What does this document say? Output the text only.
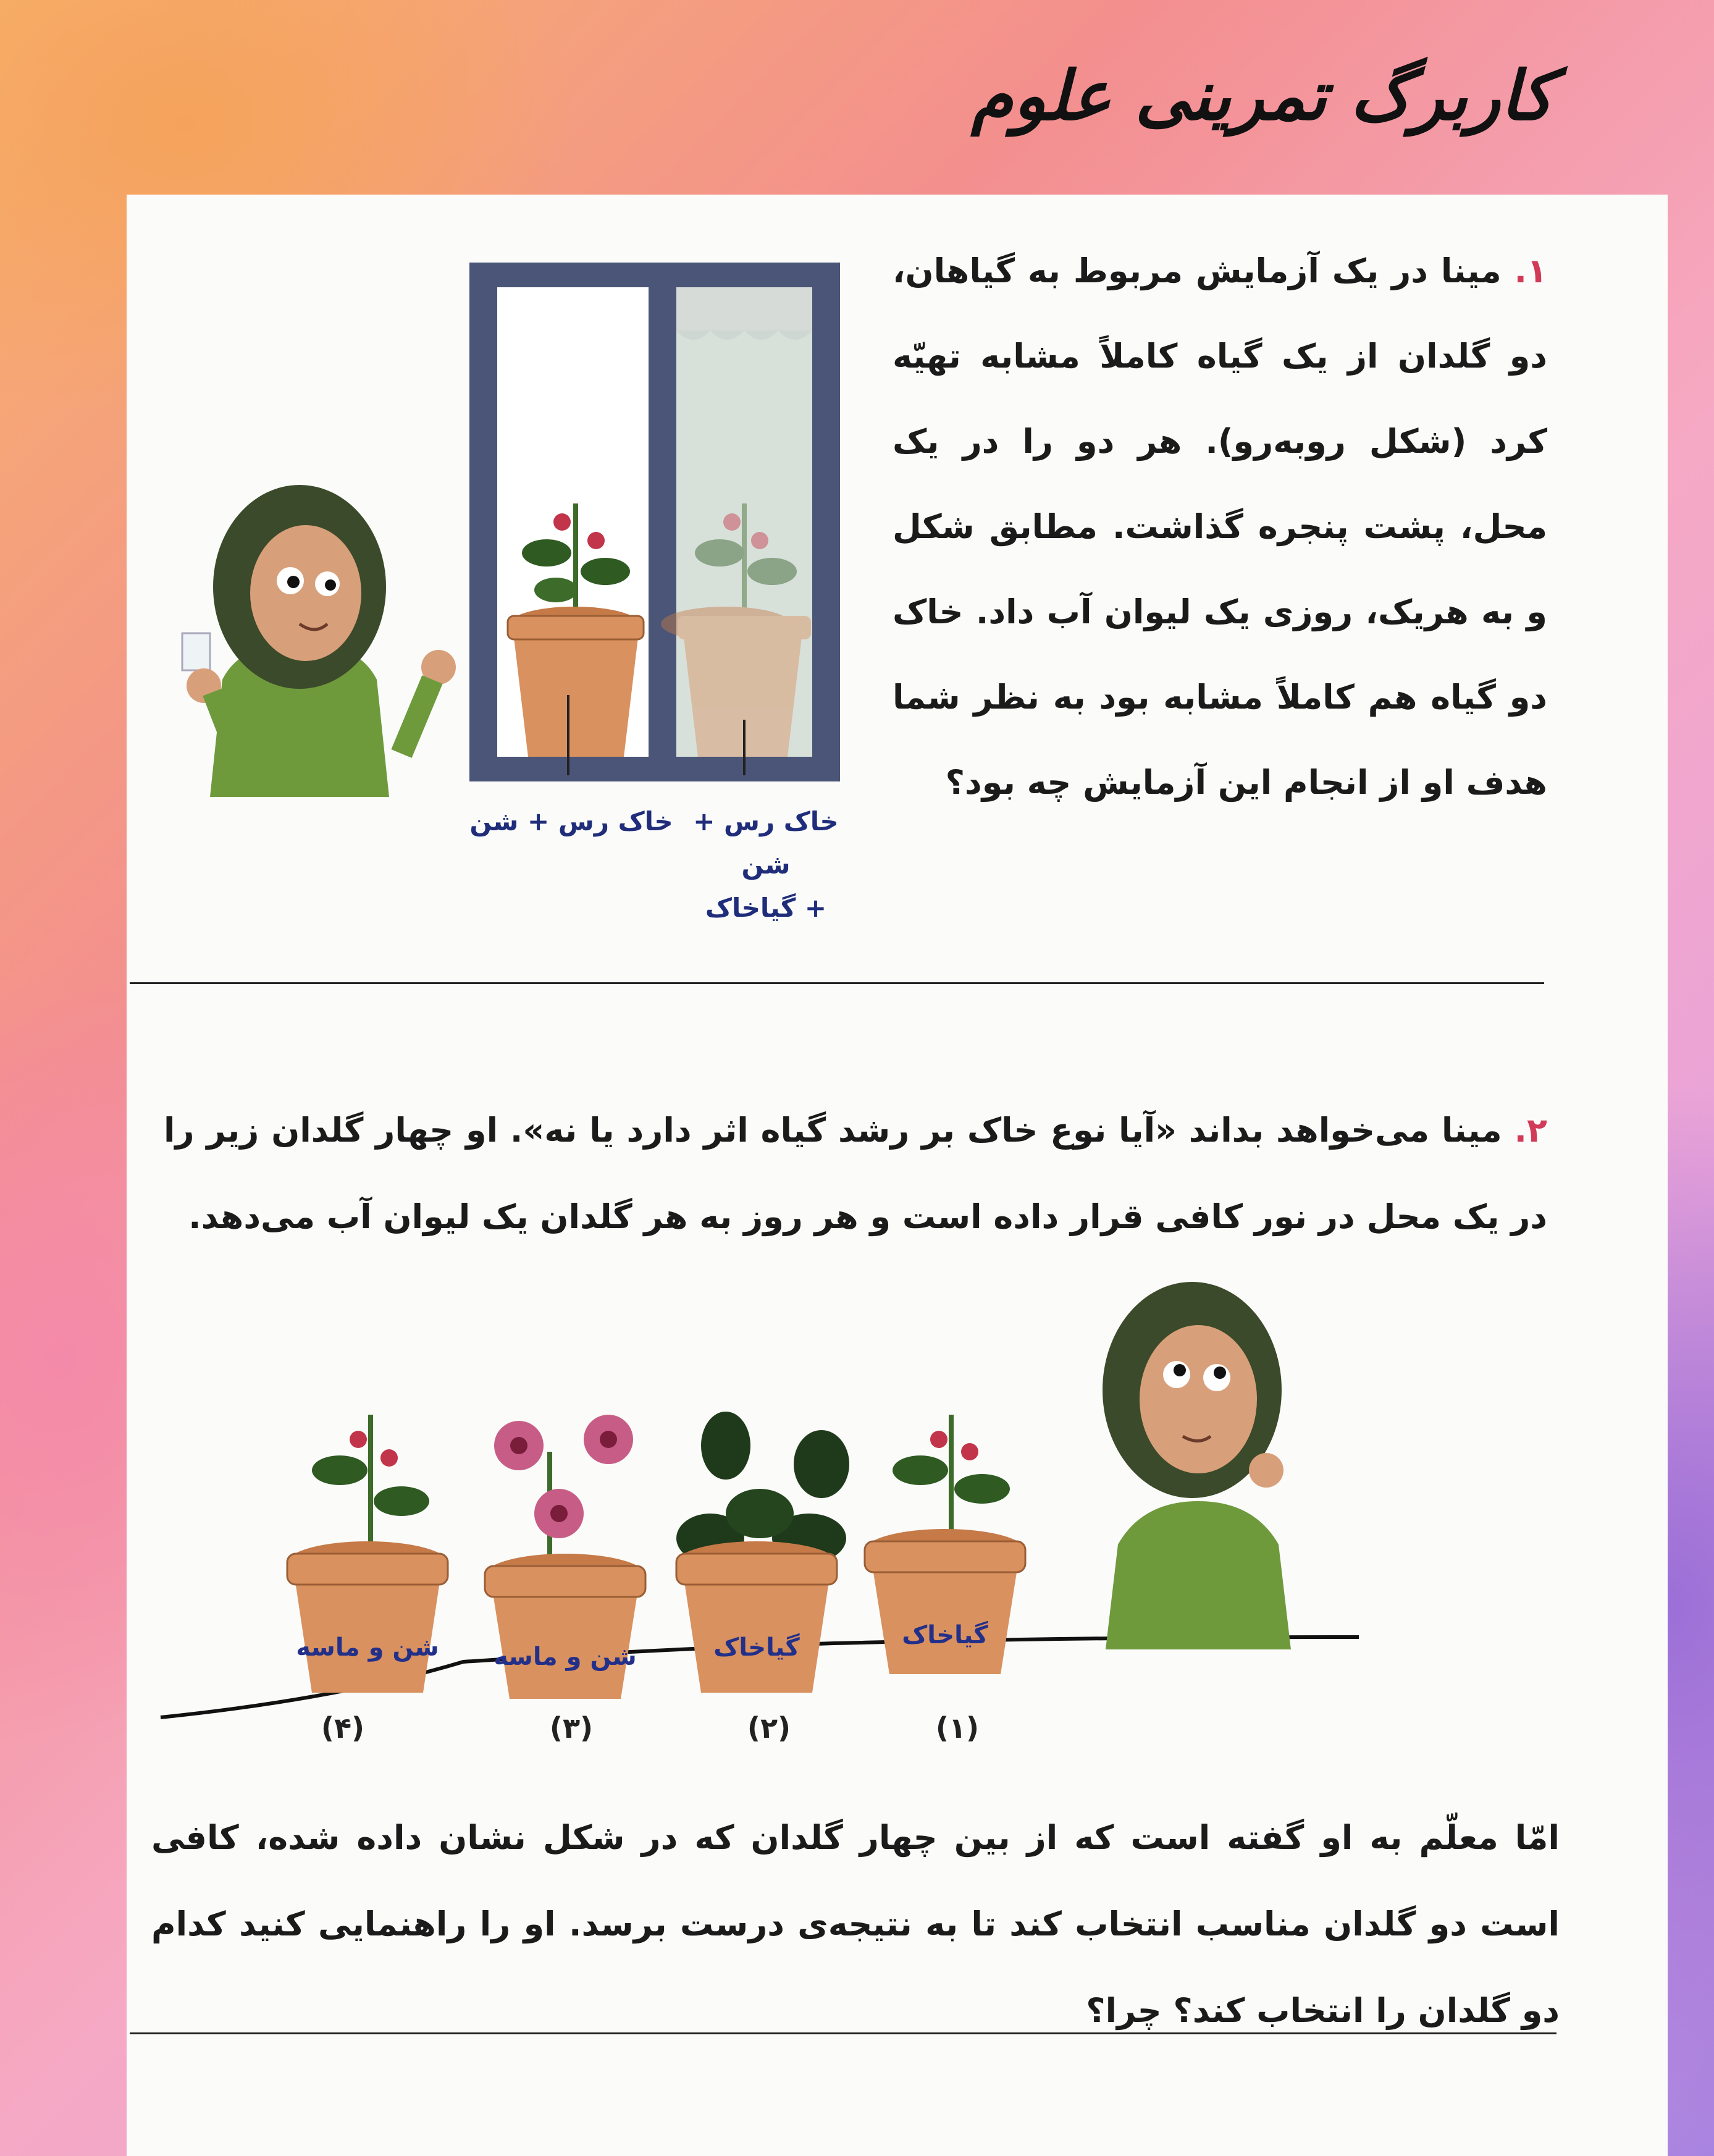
کاربرگ تمرینی علوم
۱. مینا در یک آزمایش مربوط به گیاهان، دو گلدان از یک گیاه کاملاً مشابه تهیّه کرد (شکل روبه‌رو). هر دو را در یک محل، پشت پنجره گذاشت. مطابق شکل و به هریک، روزی یک لیوان آب داد. خاک دو گیاه هم کاملاً مشابه بود به نظر شما هدف او از انجام این آزمایش چه بود؟
خاک رس + شن خاک رس + شن
+ گیاخاک
۲. مینا می‌خواهد بداند «آیا نوع خاک بر رشد گیاه اثر دارد یا نه». او چهار گلدان زیر را در یک محل در نور کافی قرار داده است و هر روز به هر گلدان یک لیوان آب می‌دهد.
شن و ماسه شن و ماسه	گیاخاک	گیاخاک
(۴)	(۳)	(۲)	(۱)
امّا معلّم به او گفته است که از بین چهار گلدان که در شکل نشان داده شده، کافی است دو گلدان مناسب انتخاب کند تا به نتیجه‌ی درست برسد. او را راهنمایی کنید کدام دو گلدان را انتخاب کند؟ چرا؟
